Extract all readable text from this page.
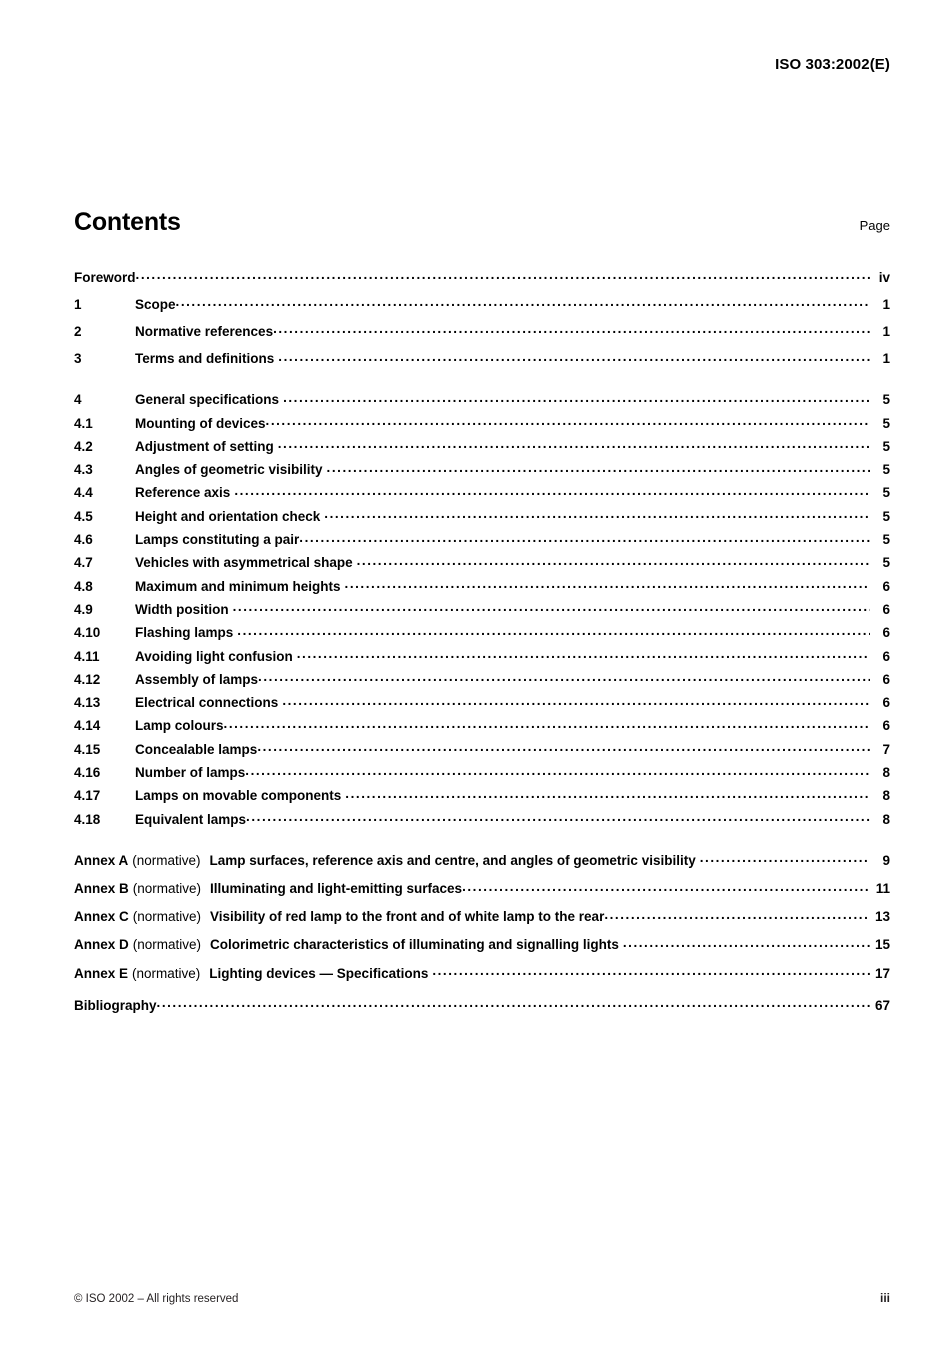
ISO 303:2002(E)
Contents	Page
Foreword .....	iv
1	Scope .....	1
2	Normative references .....	1
3	Terms and definitions .....	1
4	General specifications .....	5
4.1	Mounting of devices .....	5
4.2	Adjustment of setting .....	5
4.3	Angles of geometric visibility .....	5
4.4	Reference axis .....	5
4.5	Height and orientation check .....	5
4.6	Lamps constituting a pair .....	5
4.7	Vehicles with asymmetrical shape .....	5
4.8	Maximum and minimum heights .....	6
4.9	Width position .....	6
4.10	Flashing lamps .....	6
4.11	Avoiding light confusion .....	6
4.12	Assembly of lamps .....	6
4.13	Electrical connections .....	6
4.14	Lamp colours .....	6
4.15	Concealable lamps .....	7
4.16	Number of lamps .....	8
4.17	Lamps on movable components .....	8
4.18	Equivalent lamps .....	8
Annex A (normative) Lamp surfaces, reference axis and centre, and angles of geometric visibility .....	9
Annex B (normative) Illuminating and light-emitting surfaces .....	11
Annex C (normative) Visibility of red lamp to the front and of white lamp to the rear .....	13
Annex D (normative) Colorimetric characteristics of illuminating and signalling lights .....	15
Annex E (normative) Lighting devices — Specifications .....	17
Bibliography .....	67
© ISO 2002 – All rights reserved	iii
